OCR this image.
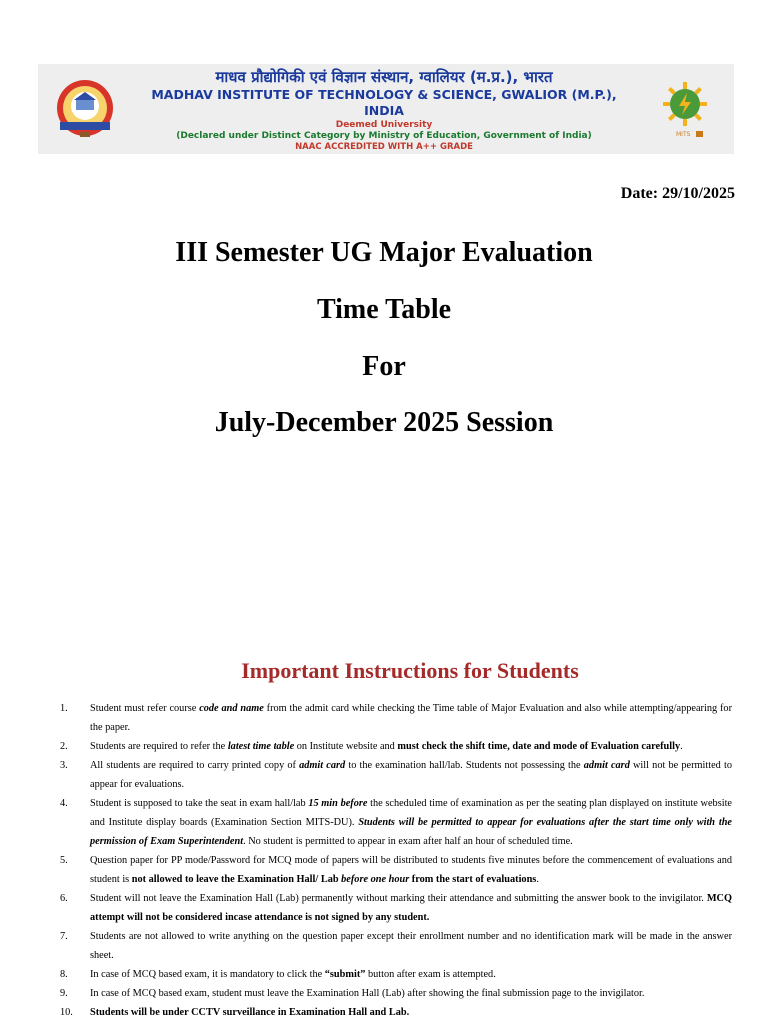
माधव प्रौद्योगिकी एवं विज्ञान संस्थान, ग्वालियर (म.प्र.), भारत
MADHAV INSTITUTE OF TECHNOLOGY & SCIENCE, GWALIOR (M.P.),
INDIA
Deemed University
(Declared under Distinct Category by Ministry of Education, Government of India)
NAAC ACCREDITED WITH A++ GRADE
MITS
Date: 29/10/2025
III Semester UG Major Evaluation
Time Table
For
July-December 2025 Session
Important Instructions for Students
1.	Student must refer course code and name from the admit card while checking the Time table of Major Evaluation and also while attempting/appearing for the paper.
2.	Students are required to refer the latest time table on Institute website and must check the shift time, date and mode of Evaluation carefully.
3.	All students are required to carry printed copy of admit card to the examination hall/lab. Students not possessing the admit card will not be permitted to appear for evaluations.
4.	Student is supposed to take the seat in exam hall/lab 15 min before the scheduled time of examination as per the seating plan displayed on institute website and Institute display boards (Examination Section MITS-DU). Students will be permitted to appear for evaluations after the start time only with the permission of Exam Superintendent. No student is permitted to appear in exam after half an hour of scheduled time.
5.	Question paper for PP mode/Password for MCQ mode of papers will be distributed to students five minutes before the commencement of evaluations and student is not allowed to leave the Examination Hall/ Lab before one hour from the start of evaluations.
6.	Student will not leave the Examination Hall (Lab) permanently without marking their attendance and submitting the answer book to the invigilator. MCQ attempt will not be considered incase attendance is not signed by any student.
7.	Students are not allowed to write anything on the question paper except their enrollment number and no identification mark will be made in the answer sheet.
8.	In case of MCQ based exam, it is mandatory to click the “submit” button after exam is attempted.
9.	In case of MCQ based exam, student must leave the Examination Hall (Lab) after showing the final submission page to the invigilator.
10.	Students will be under CCTV surveillance in Examination Hall and Lab.
